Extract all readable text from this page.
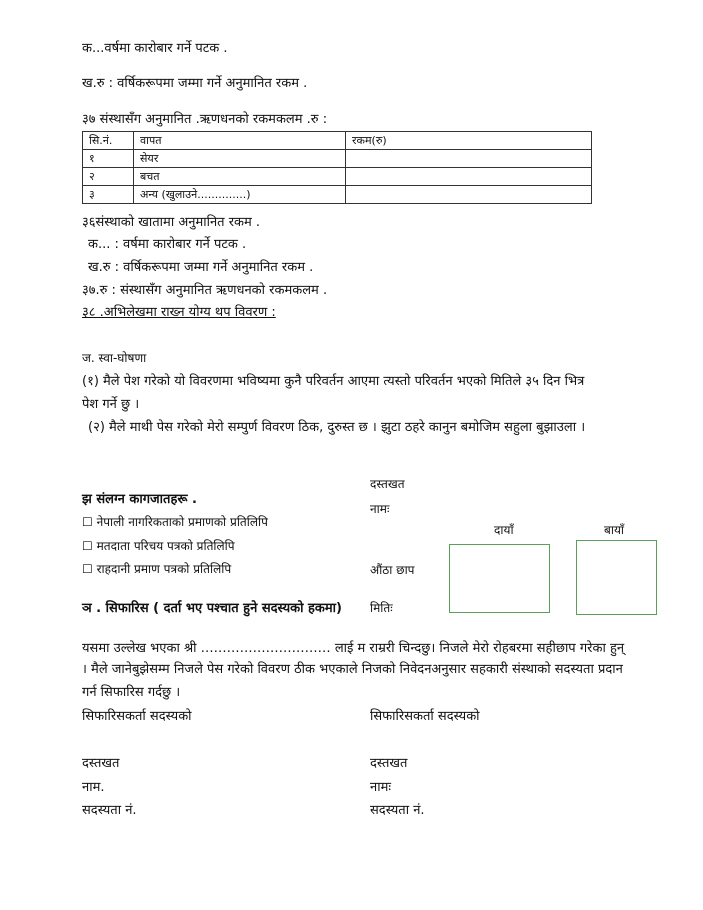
क...वर्षमा कारोबार गर्ने पटक .
ख.रु : वर्षिकरूपमा जम्मा गर्ने अनुमानित रकम .
३७ संस्थासँग अनुमानित .ऋणधनको रकमकलम .रु :
सि.नं.	वापत	रकम(रु)
१	सेयर	
२	बचत	
३	अन्य (खुलाउने..............)	
३६संस्थाको खातामा अनुमानित रकम .
क... : वर्षमा कारोबार गर्ने पटक .
ख.रु : वर्षिकरूपमा जम्मा गर्ने अनुमानित रकम .
३७.रु : संस्थासँग अनुमानित ऋणधनको रकमकलम .
३८ .अभिलेखमा राख्न योग्य थप विवरण :
ज. स्वा-घोषणा
(१) मैले पेश गरेको यो विवरणमा भविष्यमा कुनै परिवर्तन आएमा त्यस्तो परिवर्तन भएको मितिले ३५ दिन भित्र
पेश गर्ने छु ।
(२) मैले माथी पेस गरेको मेरो सम्पुर्ण विवरण ठिक, दुरुस्त छ । झुटा ठहरे कानुन बमोजिम सहुला बुझाउला ।
दस्तखत
नामः
औंठा छाप
मितिः
दायाँ	बायाँ
झ संलग्न कागजातहरू .
☐ नेपाली नागरिकताको प्रमाणको प्रतिलिपि
☐ मतदाता परिचय पत्रको प्रतिलिपि
☐ राहदानी प्रमाण पत्रको प्रतिलिपि
ञ . सिफारिस ( दर्ता भए पश्चात हुने सदस्यको हकमा)
यसमा उल्लेख भएका श्री ………………………… लाई म राम्ररी चिन्दछु। निजले मेरो रोहबरमा सहीछाप गरेका हुन्
। मैले जानेबुझेसम्म निजले पेस गरेको विवरण ठीक भएकाले निजको निवेदनअनुसार सहकारी संस्थाको सदस्यता प्रदान
गर्न सिफारिस गर्दछु ।
सिफारिसकर्ता सदस्यको	सिफारिसकर्ता सदस्यको
दस्तखत	दस्तखत
नाम.	नामः
सदस्यता नं.	सदस्यता नं.
